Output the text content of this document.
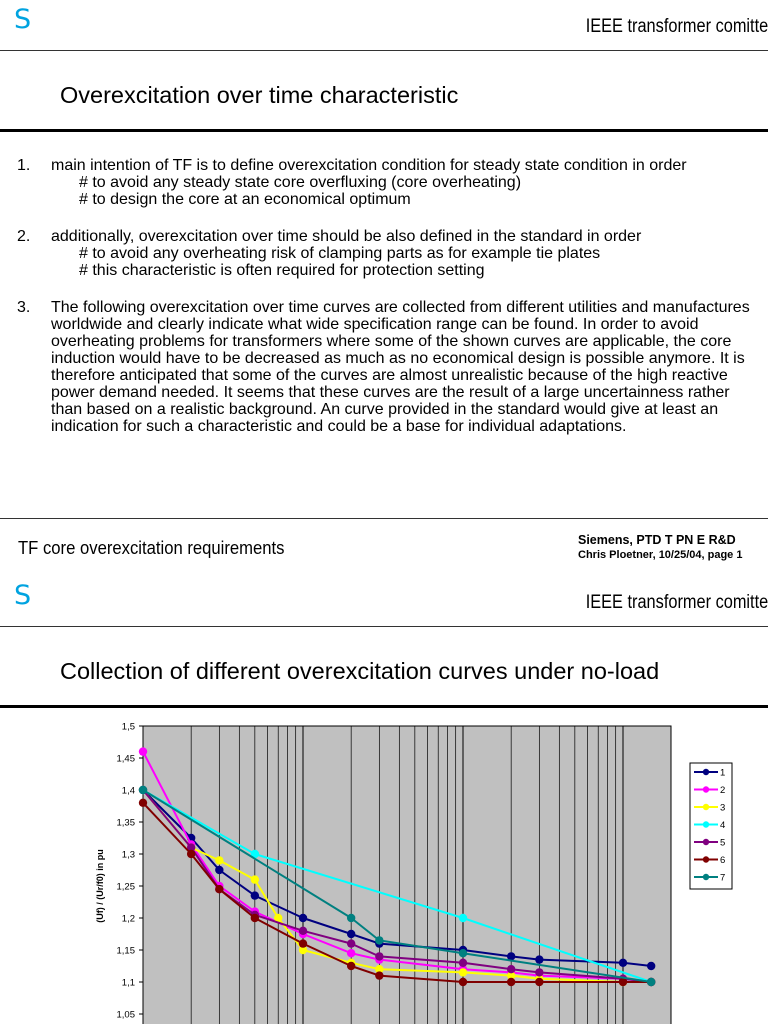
S	IEEE transformer comitte
Overexcitation over time characteristic
1.	main intention of TF is to define overexcitation condition for steady state condition in order
# to avoid any steady state core overfluxing (core overheating)
# to design the core at an economical optimum
2.	additionally, overexcitation over time should be also defined in the standard in order
# to avoid any overheating risk of clamping parts as for example tie plates
# this characteristic is often required for protection setting
3.	The following overexcitation over time curves are collected from different utilities and manufactures worldwide and clearly indicate what wide specification range can be found. In order to avoid overheating problems for transformers where some of the shown curves are applicable, the core induction would have to be decreased as much as no economical design is possible anymore. It is therefore anticipated that some of the curves are almost unrealistic because of the high reactive power demand needed. It seems that these curves are the result of a large uncertainness rather than based on a realistic background. An curve provided in the standard would give at least an indication for such a characteristic and could be a base for individual adaptations.
TF core overexcitation requirements	Siemens, PTD T PN E R&D
Chris Ploetner, 10/25/04, page 1
S	IEEE transformer comitte
Collection of different overexcitation curves under no-load
1,05
1,1
1,15
1,2
1,25
1,3
1,35
1,4
1,45
1,5
(Uf) / (Ur/f0) in pu
1
2
3
4
5
6
7
